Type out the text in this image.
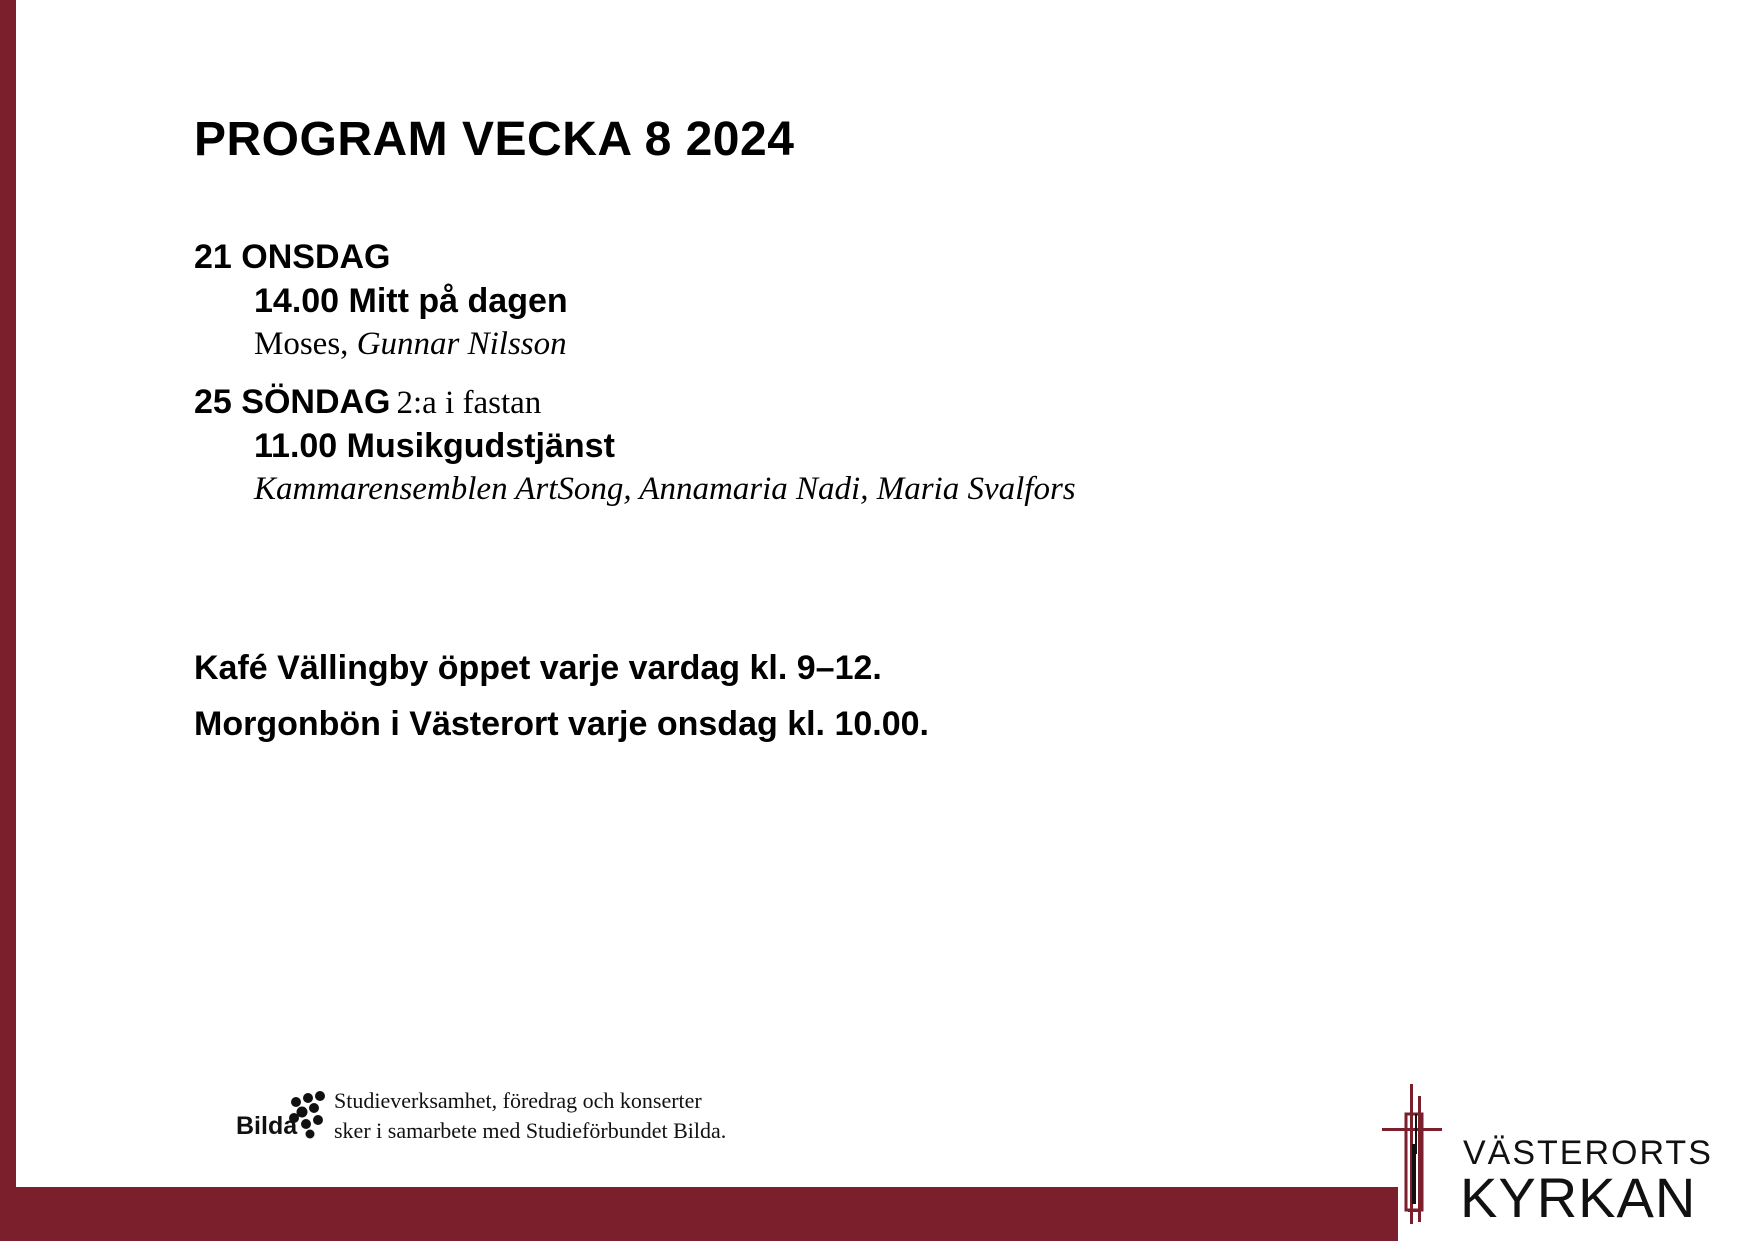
PROGRAM VECKA 8 2024
21 ONSDAG
14.00 Mitt på dagen
Moses, Gunnar Nilsson
25 SÖNDAG 2:a i fastan
11.00 Musikgudstjänst
Kammarensemblen ArtSong, Annamaria Nadi, Maria Svalfors
Kafé Vällingby öppet varje vardag kl. 9–12.
Morgonbön i Västerort varje onsdag kl. 10.00.
Bilda
Studieverksamhet, föredrag och konserter
sker i samarbete med Studieförbundet Bilda.
VÄSTERORTS
KYRKAN
